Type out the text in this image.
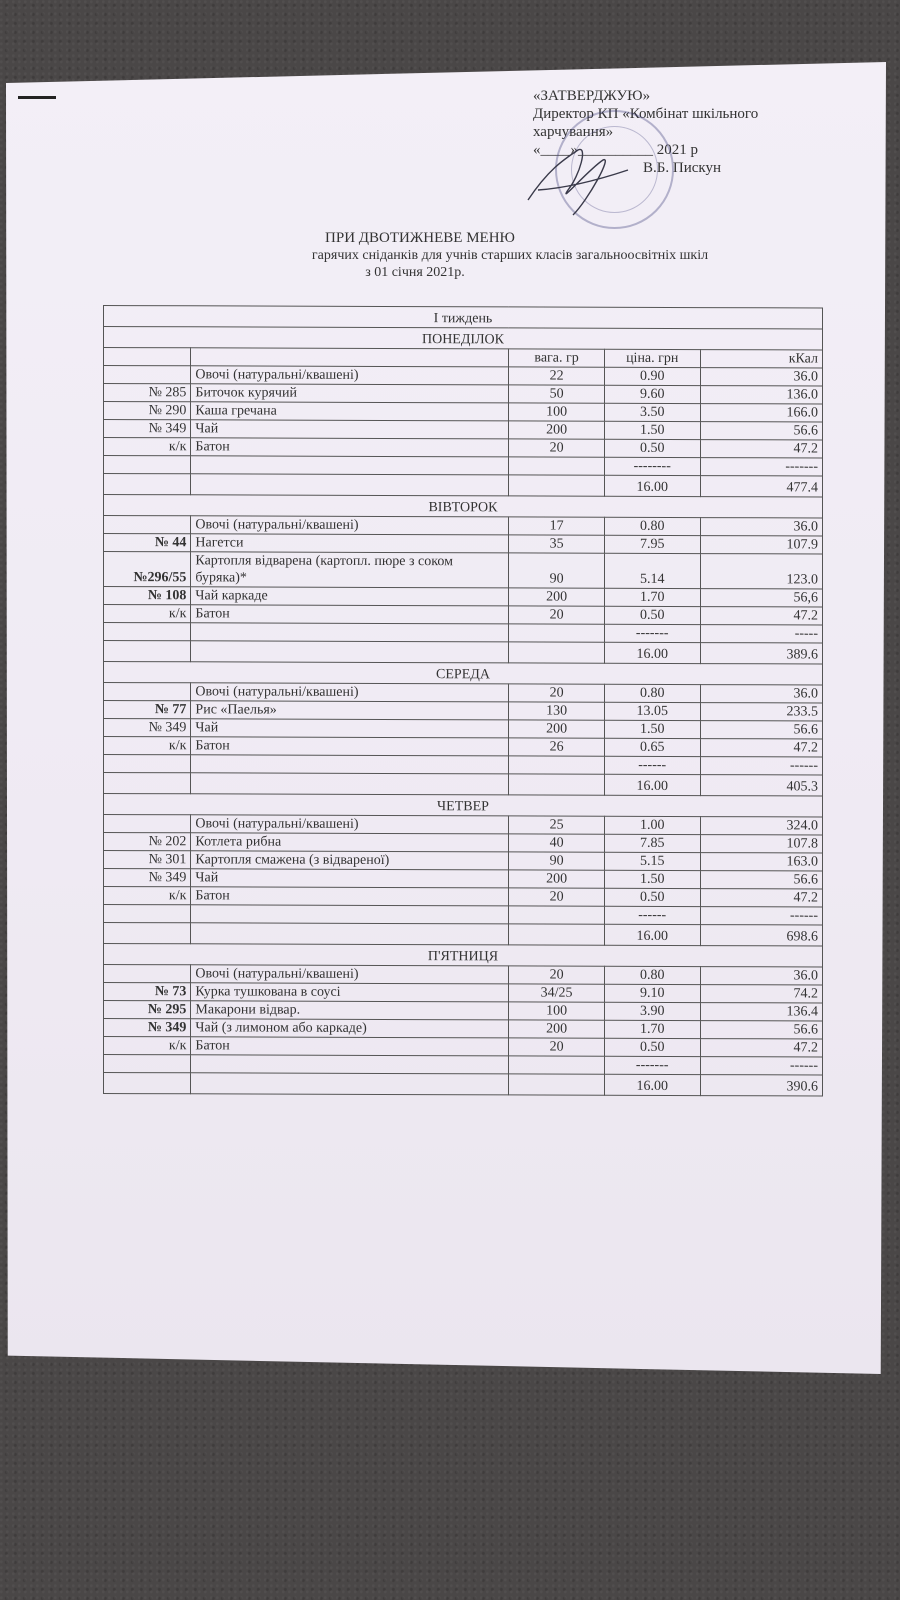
«ЗАТВЕРДЖУЮ»
Директор КП «Комбінат шкільного
харчування»
«____»__________ 2021 р
В.Б. Пискун
ПРИ ДВОТИЖНЕВЕ МЕНЮ
гарячих сніданків для учнів старших класів загальноосвітніх шкіл
з 01 січня 2021р.
І тиждень				
ПОНЕДІЛОК				
		вага. гр	ціна. грн	кКал
	Овочі (натуральні/квашені)	22	0.90	36.0
№ 285	Биточок курячий	50	9.60	136.0
№ 290	Каша гречана	100	3.50	166.0
№ 349	Чай	200	1.50	56.6
к/к	Батон	20	0.50	47.2
			--------	-------
			16.00	477.4
ВІВТОРОК				
	Овочі (натуральні/квашені)	17	0.80	36.0
№ 44	Нагетси	35	7.95	107.9
№296/55	Картопля відварена (картопл. пюре з соком буряка)*	90	5.14	123.0
№ 108	Чай каркаде	200	1.70	56,6
к/к	Батон	20	0.50	47.2
			-------	-----
			16.00	389.6
СЕРЕДА				
	Овочі (натуральні/квашені)	20	0.80	36.0
№ 77	Рис «Паелья»	130	13.05	233.5
№ 349	Чай	200	1.50	56.6
к/к	Батон	26	0.65	47.2
			------	------
			16.00	405.3
ЧЕТВЕР				
	Овочі (натуральні/квашені)	25	1.00	324.0
№ 202	Котлета рибна	40	7.85	107.8
№ 301	Картопля смажена (з відвареної)	90	5.15	163.0
№ 349	Чай	200	1.50	56.6
к/к	Батон	20	0.50	47.2
			------	------
			16.00	698.6
П'ЯТНИЦЯ				
	Овочі (натуральні/квашені)	20	0.80	36.0
№ 73	Курка тушкована в соусі	34/25	9.10	74.2
№ 295	Макарони відвар.	100	3.90	136.4
№ 349	Чай (з лимоном або каркаде)	200	1.70	56.6
к/к	Батон	20	0.50	47.2
			-------	------
			16.00	390.6
